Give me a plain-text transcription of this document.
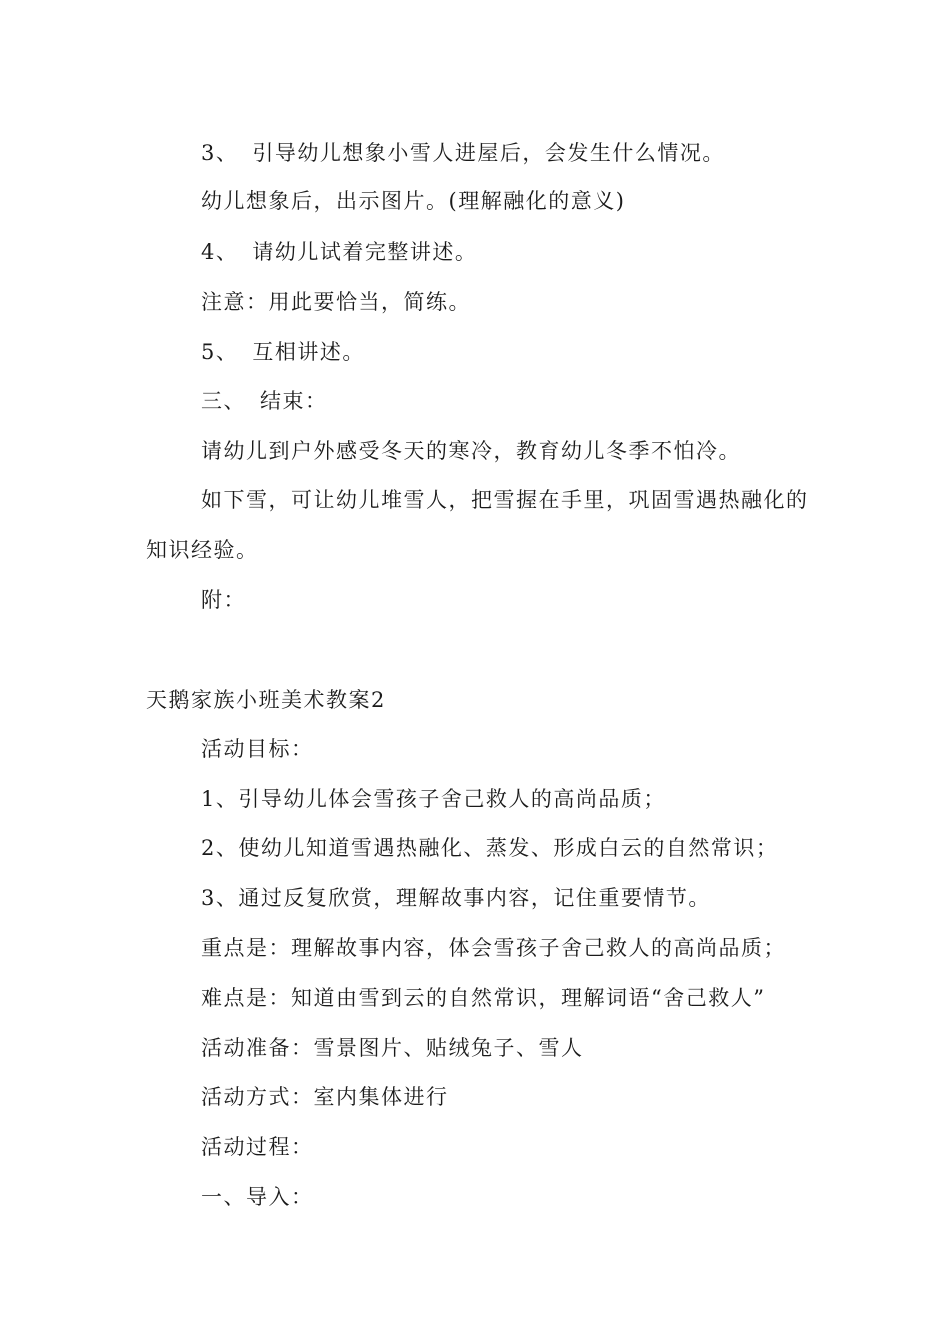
3、 引导幼儿想象小雪人进屋后，会发生什么情况。
幼儿想象后，出示图片。(理解融化的意义)
4、 请幼儿试着完整讲述。
注意：用此要恰当，简练。
5、 互相讲述。
三、 结束：
请幼儿到户外感受冬天的寒冷，教育幼儿冬季不怕冷。
如下雪，可让幼儿堆雪人，把雪握在手里，巩固雪遇热融化的
知识经验。
附：
天鹅家族小班美术教案2
活动目标：
1、引导幼儿体会雪孩子舍己救人的高尚品质；
2、使幼儿知道雪遇热融化、蒸发、形成白云的自然常识；
3、通过反复欣赏，理解故事内容，记住重要情节。
重点是：理解故事内容，体会雪孩子舍己救人的高尚品质；
难点是：知道由雪到云的自然常识，理解词语“舍己救人”
活动准备：雪景图片、贴绒兔子、雪人
活动方式：室内集体进行
活动过程：
一、导入：
